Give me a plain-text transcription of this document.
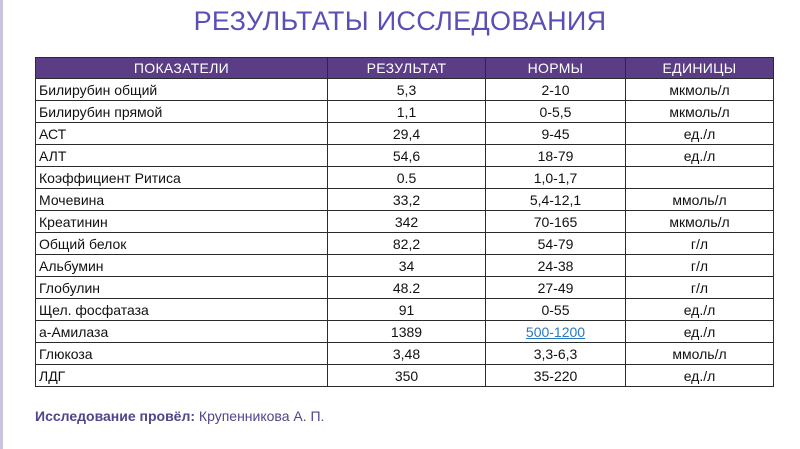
РЕЗУЛЬТАТЫ ИССЛЕДОВАНИЯ
ПОКАЗАТЕЛИ	РЕЗУЛЬТАТ	НОРМЫ	ЕДИНИЦЫ
Билирубин общий	5,3	2-10	мкмоль/л
Билирубин прямой	1,1	0-5,5	мкмоль/л
АСТ	29,4	9-45	ед./л
АЛТ	54,6	18-79	ед./л
Коэффициент Ритиса	0.5	1,0-1,7	
Мочевина	33,2	5,4-12,1	ммоль/л
Креатинин	342	70-165	мкмоль/л
Общий белок	82,2	54-79	г/л
Альбумин	34	24-38	г/л
Глобулин	48.2	27-49	г/л
Щел. фосфатаза	91	0-55	ед./л
а-Амилаза	1389	500-1200	ед./л
Глюкоза	3,48	3,3-6,3	ммоль/л
ЛДГ	350	35-220	ед./л
Исследование провёл: Крупенникова А. П.
